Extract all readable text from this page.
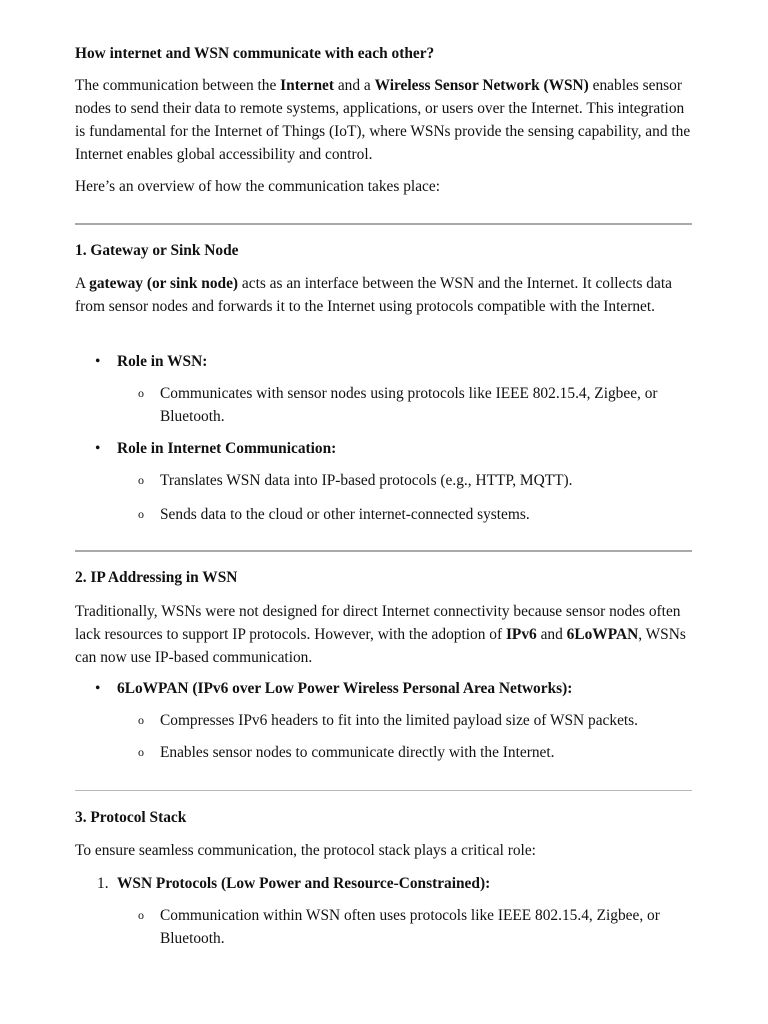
How internet and WSN communicate with each other?

The communication between the Internet and a Wireless Sensor Network (WSN) enables sensor nodes to send their data to remote systems, applications, or users over the Internet. This integration is fundamental for the Internet of Things (IoT), where WSNs provide the sensing capability, and the Internet enables global accessibility and control.

Here’s an overview of how the communication takes place:

1. Gateway or Sink Node

A gateway (or sink node) acts as an interface between the WSN and the Internet. It collects data from sensor nodes and forwards it to the Internet using protocols compatible with the Internet.

• Role in WSN:
o Communicates with sensor nodes using protocols like IEEE 802.15.4, Zigbee, or Bluetooth.
• Role in Internet Communication:
o Translates WSN data into IP-based protocols (e.g., HTTP, MQTT).
o Sends data to the cloud or other internet-connected systems.

2. IP Addressing in WSN

Traditionally, WSNs were not designed for direct Internet connectivity because sensor nodes often lack resources to support IP protocols. However, with the adoption of IPv6 and 6LoWPAN, WSNs can now use IP-based communication.

• 6LoWPAN (IPv6 over Low Power Wireless Personal Area Networks):
o Compresses IPv6 headers to fit into the limited payload size of WSN packets.
o Enables sensor nodes to communicate directly with the Internet.

3. Protocol Stack

To ensure seamless communication, the protocol stack plays a critical role:

1. WSN Protocols (Low Power and Resource-Constrained):
o Communication within WSN often uses protocols like IEEE 802.15.4, Zigbee, or Bluetooth.
